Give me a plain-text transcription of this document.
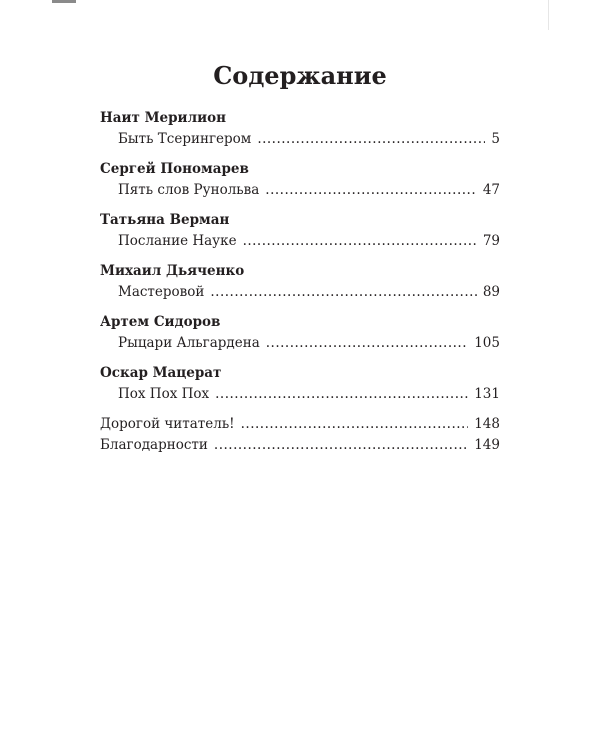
Содержание
Наит Мерилион
Быть Тсерингером .....	5
Сергей Пономарев
Пять слов Рунольва .....	47
Татьяна Верман
Послание Науке .....	79
Михаил Дьяченко
Мастеровой .....	89
Артем Сидоров
Рыцари Альгардена .....	105
Оскар Мацерат
Пох Пох Пох .....	131
Дорогой читатель! .....	148
Благодарности .....	149
